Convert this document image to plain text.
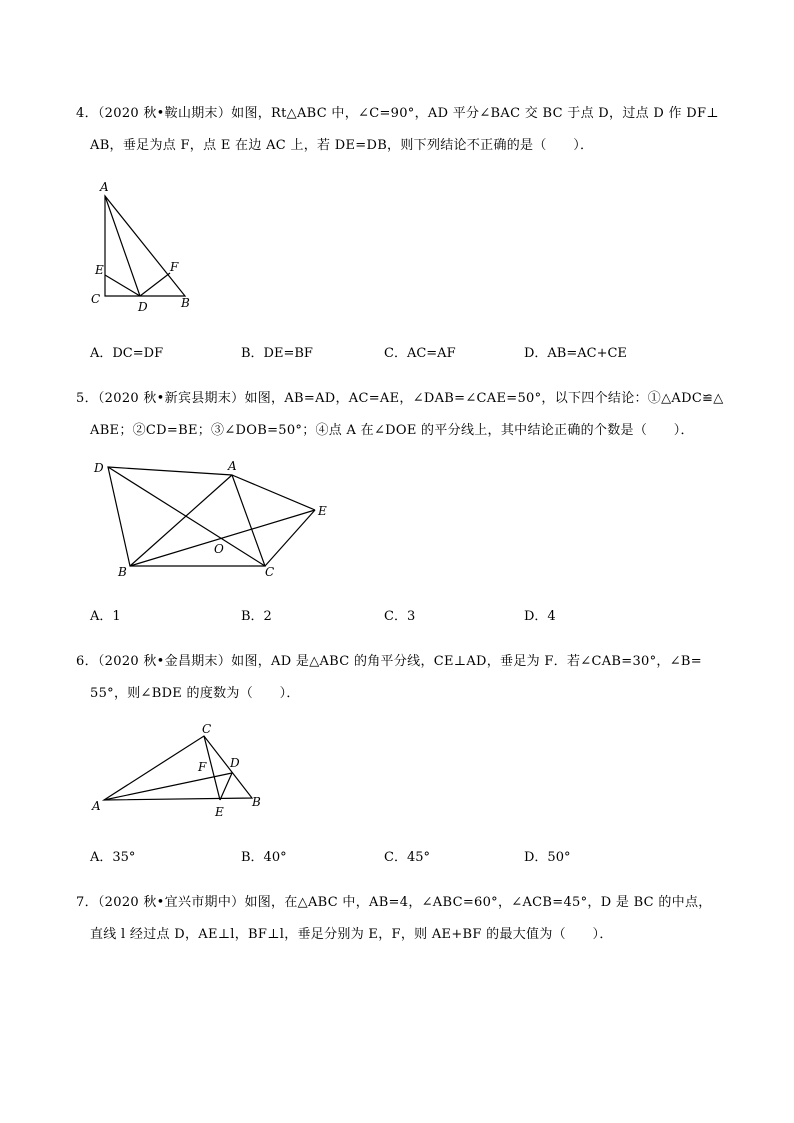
4．（2020 秋•鞍山期末）如图，Rt△ABC 中，∠C=90°，AD 平分∠BAC 交 BC 于点 D，过点 D 作 DF⊥
AB，垂足为点 F，点 E 在边 AC 上，若 DE=DB，则下列结论不正确的是（　　）．
A
E
C
D
F
B
A．DC=DF	B．DE=BF	C．AC=AF	D．AB=AC+CE
5．（2020 秋•新宾县期末）如图，AB=AD，AC=AE，∠DAB=∠CAE=50°，以下四个结论：①△ADC≌△
ABE；②CD=BE；③∠DOB=50°；④点 A 在∠DOE 的平分线上，其中结论正确的个数是（　　）．
D	A
E
O
B	C
A．1	B．2	C．3	D．4
6．（2020 秋•金昌期末）如图，AD 是△ABC 的角平分线，CE⊥AD，垂足为 F．若∠CAB=30°，∠B=
55°，则∠BDE 的度数为（　　）．
C
F D
A	E
B
A．35°	B．40°	C．45°	D．50°
7．（2020 秋•宜兴市期中）如图，在△ABC 中，AB=4，∠ABC=60°，∠ACB=45°，D 是 BC 的中点，
直线 l 经过点 D，AE⊥l，BF⊥l，垂足分别为 E，F，则 AE+BF 的最大值为（　　）．
